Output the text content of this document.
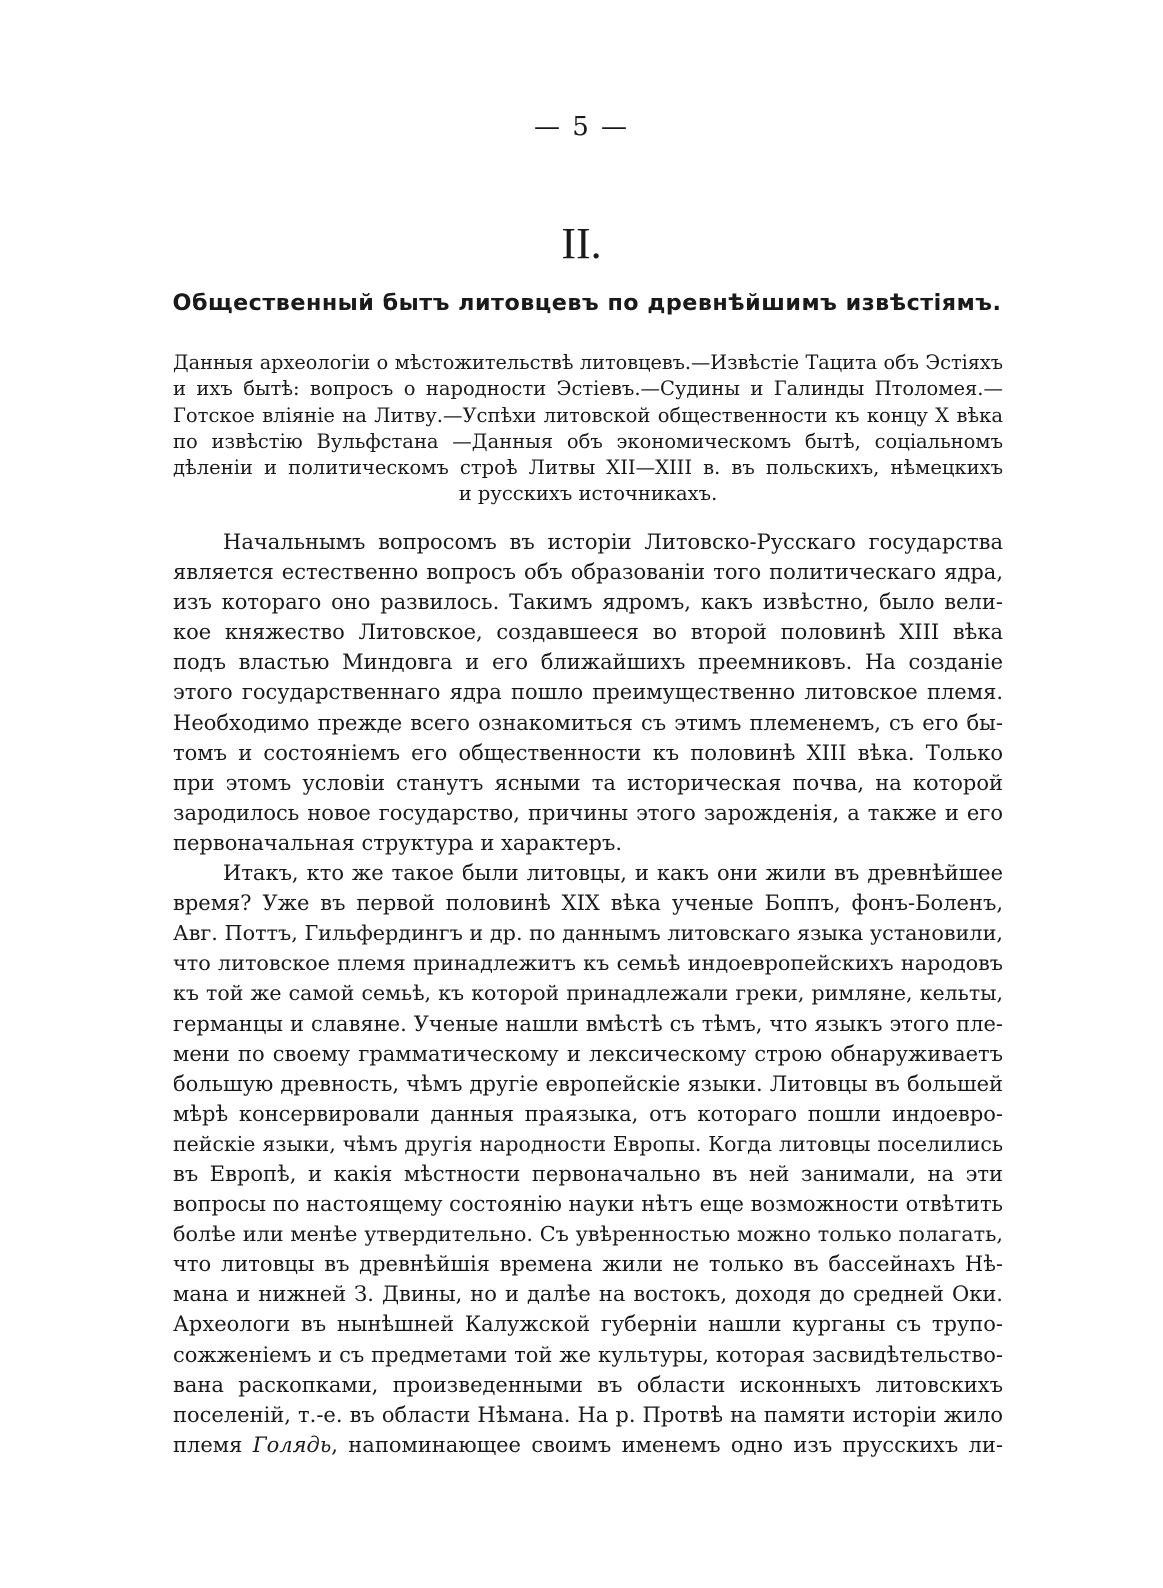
— 5 —
II.
Общественный бытъ литовцевъ по древнѣйшимъ извѣстіямъ.
Данныя археологіи о мѣстожительствѣ литовцевъ.—Извѣстіе Тацита объ Эстіяхъ
и ихъ бытѣ: вопросъ о народности Эстіевъ.—Судины и Галинды Птоломея.—
Готское вліяніе на Литву.—Успѣхи литовской общественности къ концу X вѣка
по извѣстію Вульфстана —Данныя объ экономическомъ бытѣ, соціальномъ
дѣленіи и политическомъ строѣ Литвы XII—XIII в. въ польскихъ, нѣмецкихъ
и русскихъ источникахъ.
Начальнымъ вопросомъ въ исторіи Литовско-Русскаго государства
является естественно вопросъ объ образованіи того политическаго ядра,
изъ котораго оно развилось. Такимъ ядромъ, какъ извѣстно, было вели-
кое княжество Литовское, создавшееся во второй половинѣ XIII вѣка
подъ властью Миндовга и его ближайшихъ преемниковъ. На созданіе
этого государственнаго ядра пошло преимущественно литовское племя.
Необходимо прежде всего ознакомиться съ этимъ племенемъ, съ его бы-
томъ и состояніемъ его общественности къ половинѣ XIII вѣка. Только
при этомъ условіи станутъ ясными та историческая почва, на которой
зародилось новое государство, причины этого зарожденія, а также и его
первоначальная структура и характеръ.
Итакъ, кто же такое были литовцы, и какъ они жили въ древнѣйшее
время? Уже въ первой половинѣ XIX вѣка ученые Боппъ, фонъ-Боленъ,
Авг. Поттъ, Гильфердингъ и др. по даннымъ литовскаго языка установили,
что литовское племя принадлежитъ къ семьѣ индоевропейскихъ народовъ
къ той же самой семьѣ, къ которой принадлежали греки, римляне, кельты,
германцы и славяне. Ученые нашли вмѣстѣ съ тѣмъ, что языкъ этого пле-
мени по своему грамматическому и лексическому строю обнаруживаетъ
большую древность, чѣмъ другіе европейскіе языки. Литовцы въ большей
мѣрѣ консервировали данныя праязыка, отъ котораго пошли индоевро-
пейскіе языки, чѣмъ другія народности Европы. Когда литовцы поселились
въ Европѣ, и какія мѣстности первоначально въ ней занимали, на эти
вопросы по настоящему состоянію науки нѣтъ еще возможности отвѣтить
болѣе или менѣе утвердительно. Съ увѣренностью можно только полагать,
что литовцы въ древнѣйшія времена жили не только въ бассейнахъ Нѣ-
мана и нижней З. Двины, но и далѣе на востокъ, доходя до средней Оки.
Археологи въ нынѣшней Калужской губерніи нашли курганы съ трупо-
сожженіемъ и съ предметами той же культуры, которая засвидѣтельство-
вана раскопками, произведенными въ области исконныхъ литовскихъ
поселеній, т.-е. въ области Нѣмана. На р. Протвѣ на памяти исторіи жило
племя Голядь, напоминающее своимъ именемъ одно изъ прусскихъ ли-
